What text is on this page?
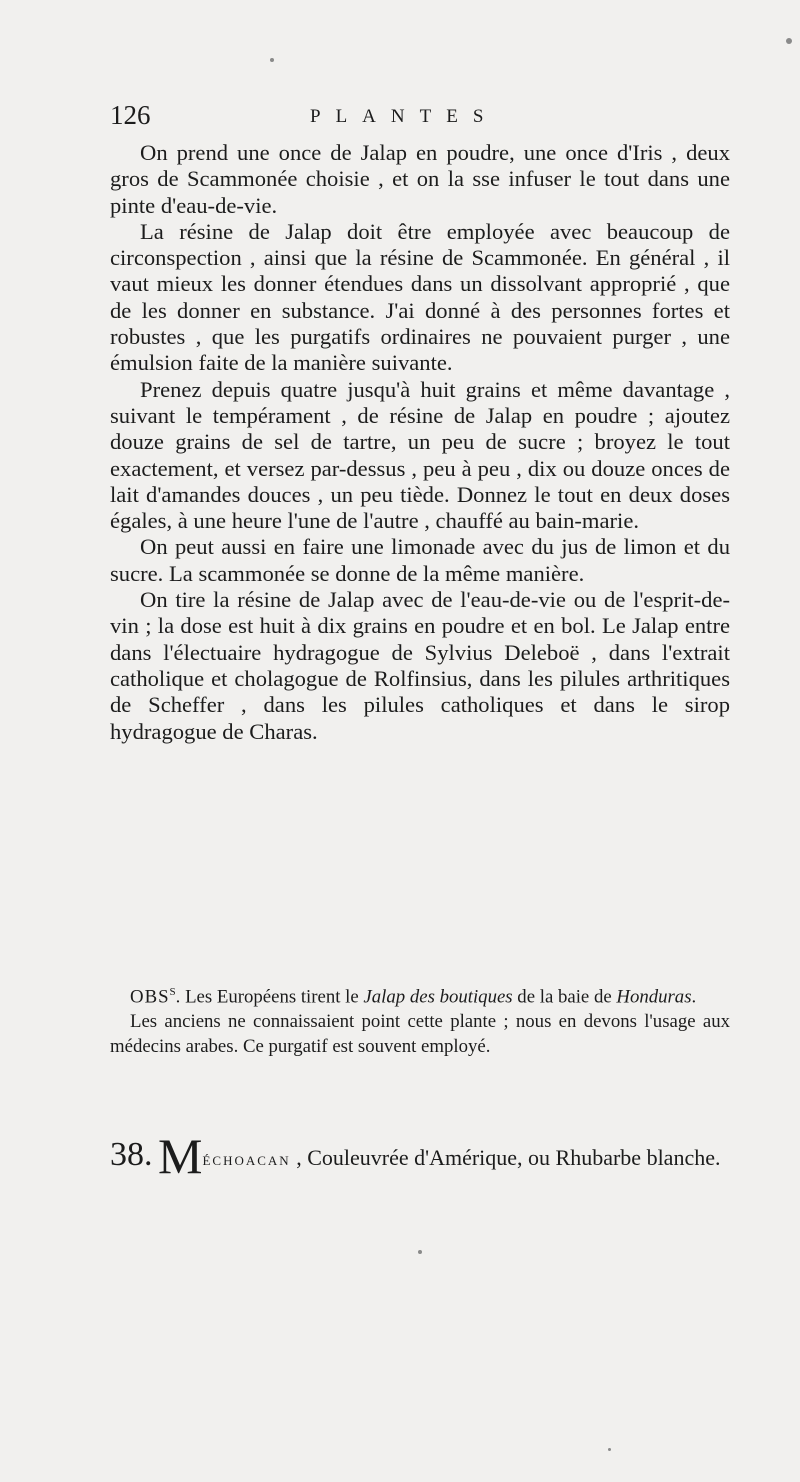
126	PLANTES

On prend une once de Jalap en poudre, une once d'Iris , deux gros de Scammonée choisie , et on la sse infuser le tout dans une pinte d'eau-de-vie.

La résine de Jalap doit être employée avec beaucoup de circonspection , ainsi que la résine de Scammonée. En général , il vaut mieux les donner étendues dans un dissolvant approprié , que de les donner en substance. J'ai donné à des personnes fortes et robustes , que les purgatifs ordinaires ne pouvaient purger , une émulsion faite de la manière suivante.

Prenez depuis quatre jusqu'à huit grains et même davantage , suivant le tempérament , de résine de Jalap en poudre ; ajoutez douze grains de sel de tartre, un peu de sucre ; broyez le tout exactement, et versez par-dessus , peu à peu , dix ou douze onces de lait d'amandes douces , un peu tiède. Donnez le tout en deux doses égales, à une heure l'une de l'autre , chauffé au bain-marie.

On peut aussi en faire une limonade avec du jus de limon et du sucre. La scammonée se donne de la même manière.

On tire la résine de Jalap avec de l'eau-de-vie ou de l'esprit-de-vin ; la dose est huit à dix grains en poudre et en bol. Le Jalap entre dans l'électuaire hydragogue de Sylvius Deleboë , dans l'extrait catholique et cholagogue de Rolfinsius, dans les pilules arthritiques de Scheffer , dans les pilules catholiques et dans le sirop hydragogue de Charas.

$OBS^S$. Les Européens tirent le Jalap des boutiques de la baie de Honduras.

Les anciens ne connaissaient point cette plante ; nous en devons l'usage aux médecins arabes. Ce purgatif est souvent employé.

38. MÉCHOACAN , Couleuvrée d'Amérique, ou Rhubarbe blanche.
